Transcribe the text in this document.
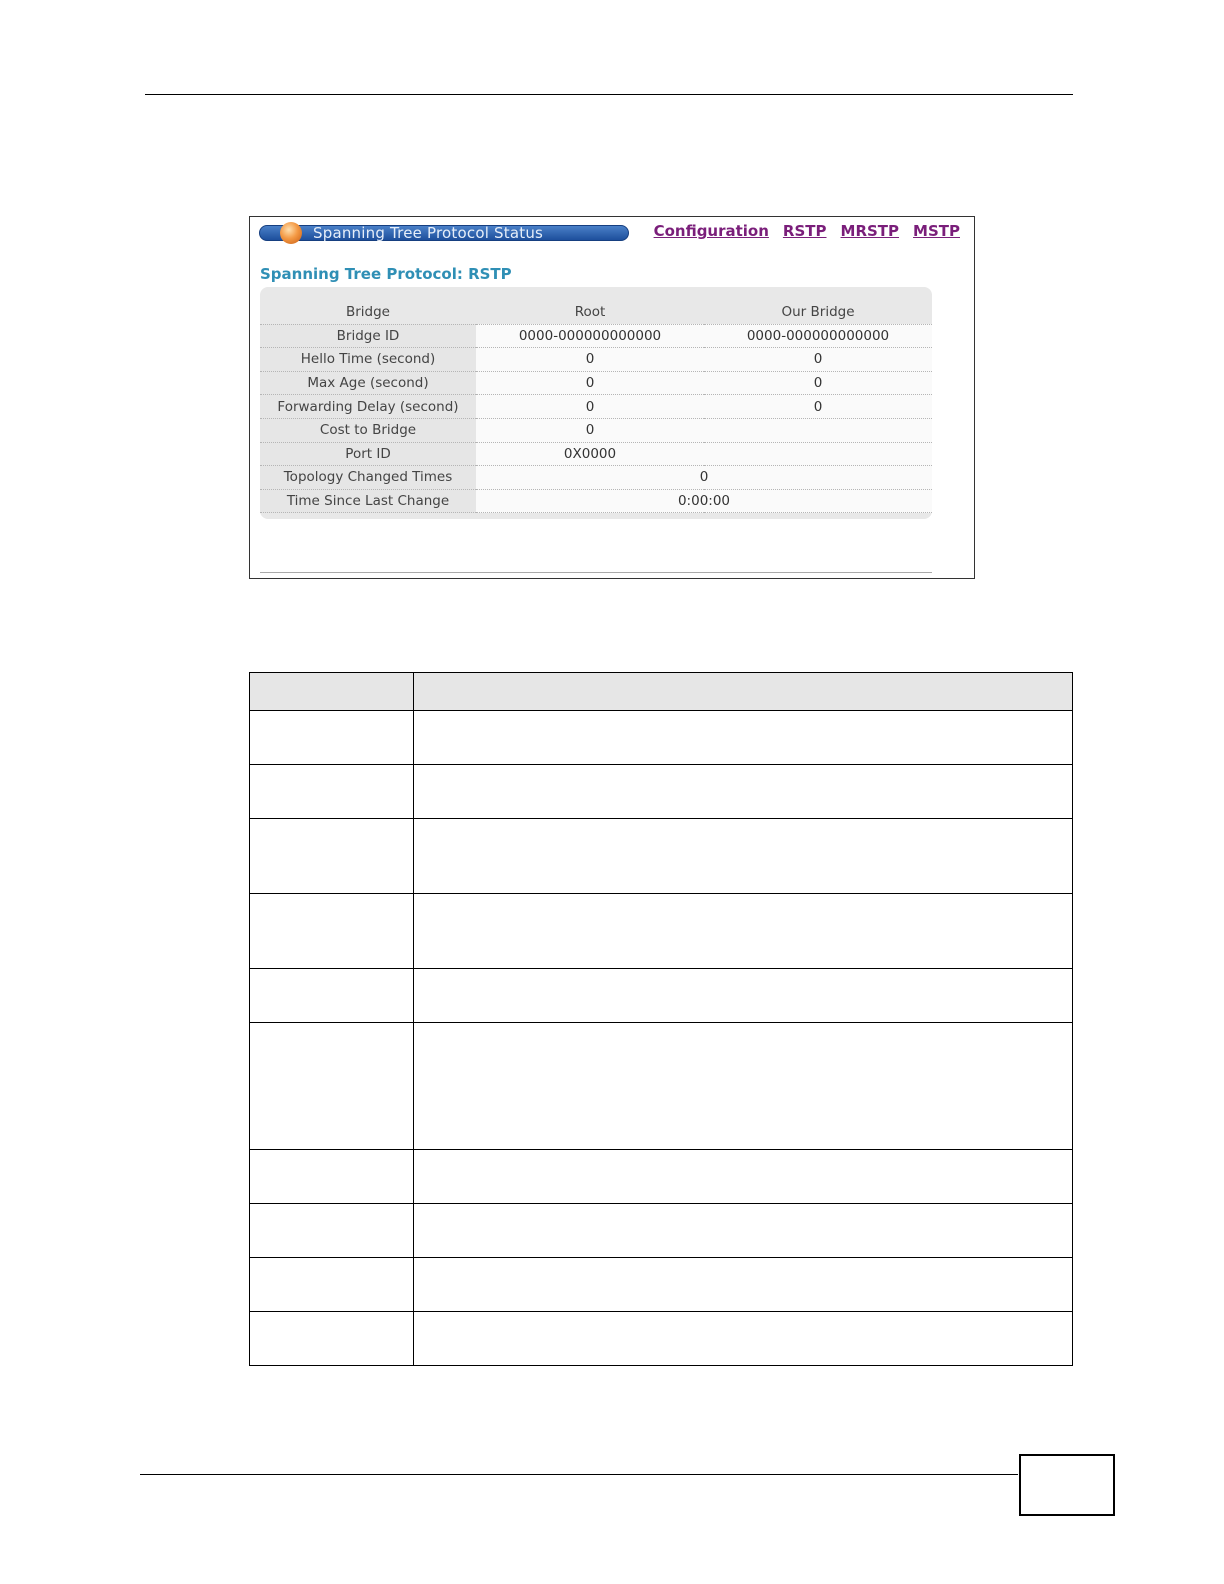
Spanning Tree Protocol Status	Configuration RSTP MRSTP MSTP
Spanning Tree Protocol: RSTP
Bridge	Root	Our Bridge
Bridge ID	0000-000000000000	0000-000000000000
Hello Time (second)	0	0
Max Age (second)	0	0
Forwarding Delay (second)	0	0
Cost to Bridge	0	
Port ID	0X0000	
Topology Changed Times	0	
Time Since Last Change	0:00:00	
